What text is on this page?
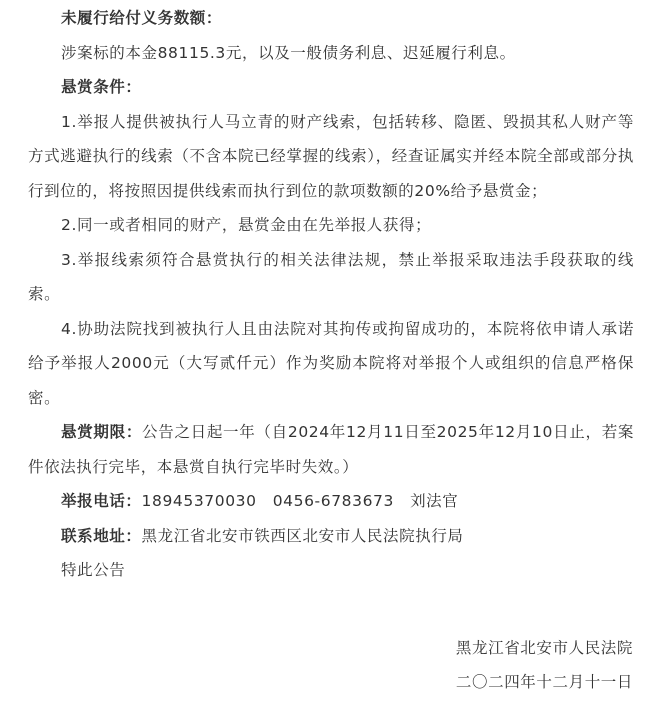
未履行给付义务数额：

涉案标的本金88115.3元，以及一般债务利息、迟延履行利息。

悬赏条件：

1.举报人提供被执行人马立青的财产线索，包括转移、隐匿、毁损其私人财产等方式逃避执行的线索（不含本院已经掌握的线索），经查证属实并经本院全部或部分执行到位的，将按照因提供线索而执行到位的款项数额的20%给予悬赏金；

2.同一或者相同的财产，悬赏金由在先举报人获得；

3.举报线索须符合悬赏执行的相关法律法规，禁止举报采取违法手段获取的线索。

4.协助法院找到被执行人且由法院对其拘传或拘留成功的，本院将依申请人承诺给予举报人2000元（大写贰仟元）作为奖励本院将对举报个人或组织的信息严格保密。

悬赏期限：公告之日起一年（自2024年12月11日至2025年12月10日止，若案件依法执行完毕，本悬赏自执行完毕时失效。）

举报电话：18945370030　0456-6783673　刘法官

联系地址：黑龙江省北安市铁西区北安市人民法院执行局

特此公告

黑龙江省北安市人民法院

二〇二四年十二月十一日
